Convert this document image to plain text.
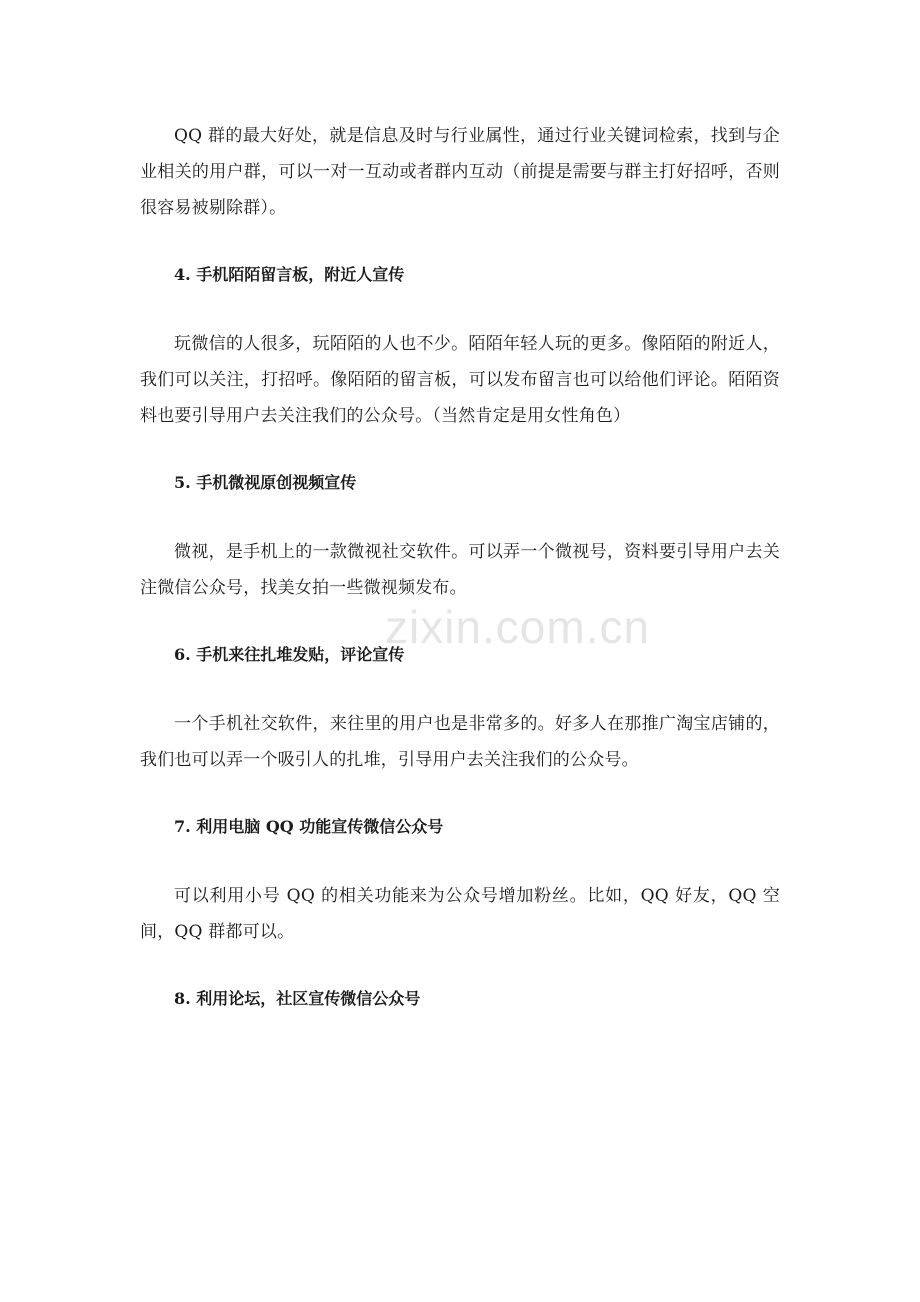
QQ 群的最大好处，就是信息及时与行业属性，通过行业关键词检索，找到与企业相关的用户群，可以一对一互动或者群内互动（前提是需要与群主打好招呼，否则很容易被剔除群）。

4. 手机陌陌留言板，附近人宣传

玩微信的人很多，玩陌陌的人也不少。陌陌年轻人玩的更多。像陌陌的附近人，我们可以关注，打招呼。像陌陌的留言板，可以发布留言也可以给他们评论。陌陌资料也要引导用户去关注我们的公众号。（当然肯定是用女性角色）

5. 手机微视原创视频宣传

微视，是手机上的一款微视社交软件。可以弄一个微视号，资料要引导用户去关注微信公众号，找美女拍一些微视频发布。

6. 手机来往扎堆发贴，评论宣传

一个手机社交软件，来往里的用户也是非常多的。好多人在那推广淘宝店铺的，我们也可以弄一个吸引人的扎堆，引导用户去关注我们的公众号。

7. 利用电脑 QQ 功能宣传微信公众号

可以利用小号 QQ 的相关功能来为公众号增加粉丝。比如，QQ 好友，QQ 空间，QQ 群都可以。

8. 利用论坛，社区宣传微信公众号
zixin.com.cn
